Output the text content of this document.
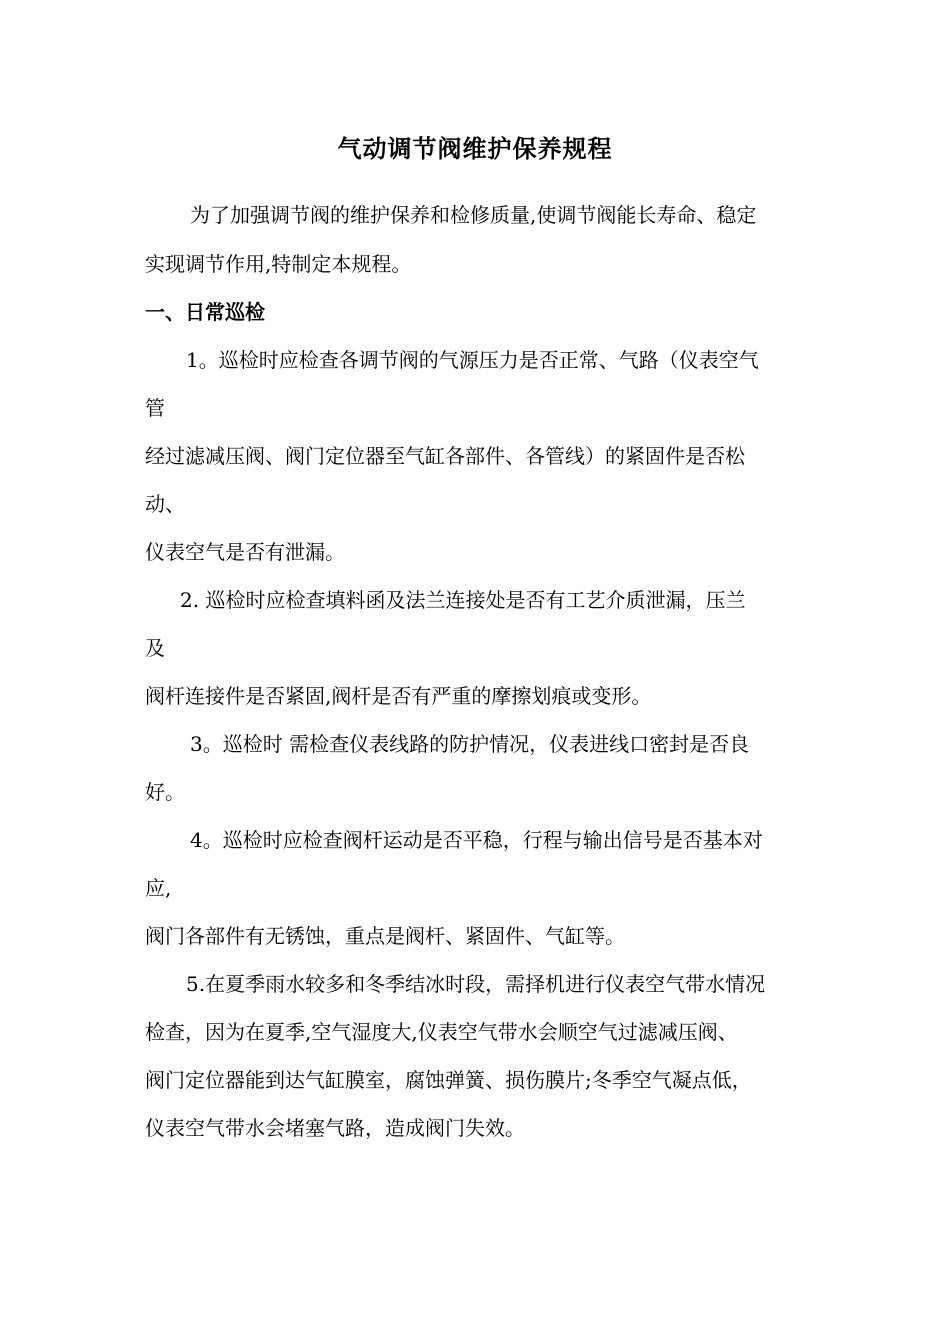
气动调节阀维护保养规程
为了加强调节阀的维护保养和检修质量,使调节阀能长寿命、稳定
实现调节作用,特制定本规程。
一、日常巡检
1。巡检时应检查各调节阀的气源压力是否正常、气路（仪表空气
管
经过滤减压阀、阀门定位器至气缸各部件、各管线）的紧固件是否松
动、
仪表空气是否有泄漏。
2. 巡检时应检查填料函及法兰连接处是否有工艺介质泄漏，压兰
及
阀杆连接件是否紧固,阀杆是否有严重的摩擦划痕或变形。
3。巡检时 需检查仪表线路的防护情况，仪表进线口密封是否良
好。
4。巡检时应检查阀杆运动是否平稳，行程与输出信号是否基本对
应,
阀门各部件有无锈蚀，重点是阀杆、紧固件、气缸等。
5.在夏季雨水较多和冬季结冰时段，需择机进行仪表空气带水情况
检查，因为在夏季,空气湿度大,仪表空气带水会顺空气过滤减压阀、
阀门定位器能到达气缸膜室，腐蚀弹簧、损伤膜片;冬季空气凝点低，
仪表空气带水会堵塞气路，造成阀门失效。
